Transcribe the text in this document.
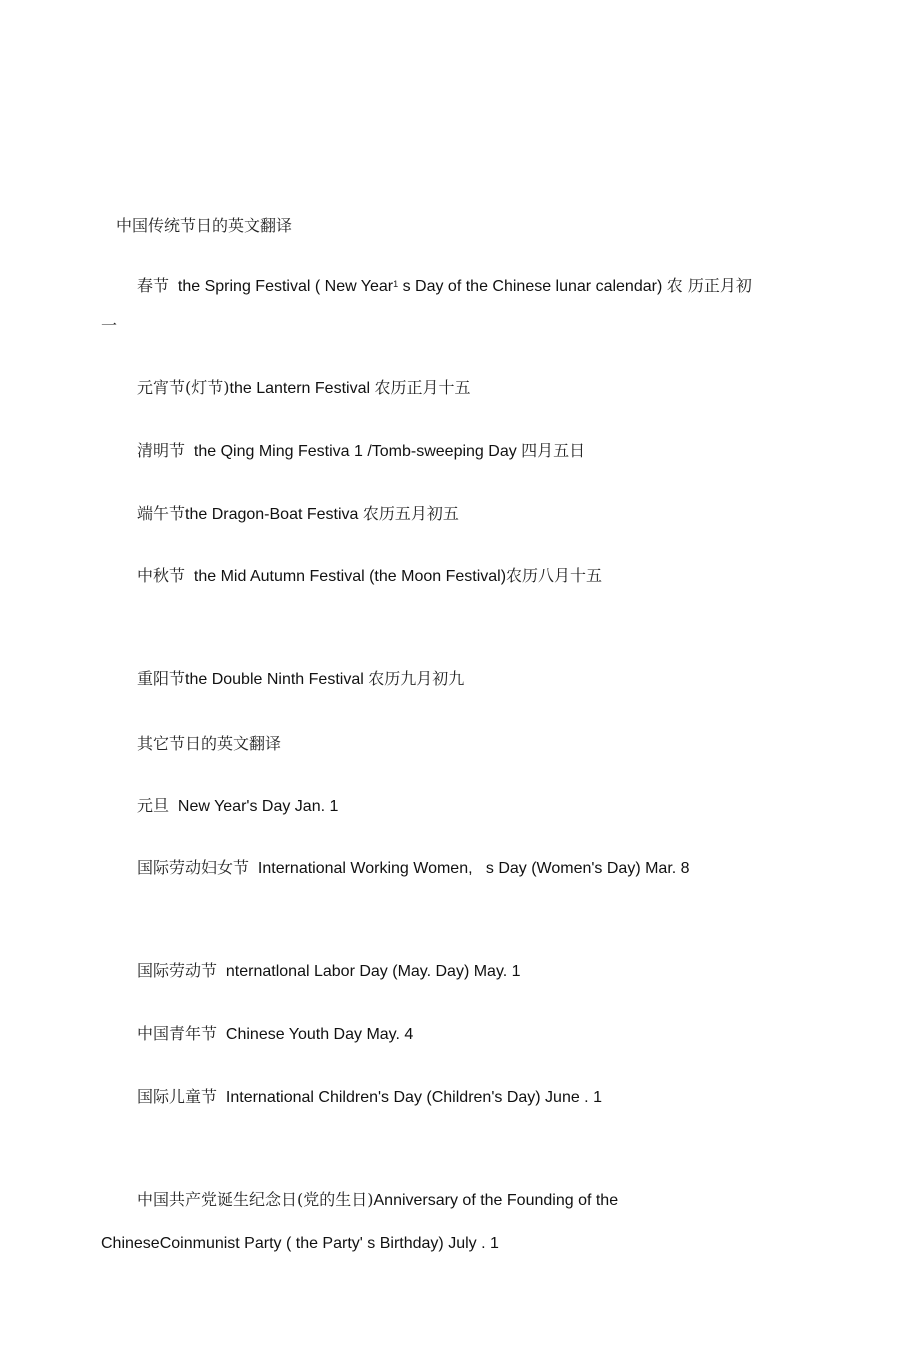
中国传统节日的英文翻译
春节 the Spring Festival ( New Year$^1$ s Day of the Chinese lunar calendar) 农 历正月初
一
元宵节(灯节)the Lantern Festival 农历正月十五
清明节 the Qing Ming Festiva 1 /Tomb-sweeping Day 四月五日
端午节the Dragon-Boat Festiva 农历五月初五
中秋节 the Mid Autumn Festival (the Moon Festival)农历八月十五
重阳节the Double Ninth Festival 农历九月初九
其它节日的英文翻译
元旦 New Year's Day Jan. 1
国际劳动妇女节 International Working Women,   s Day (Women's Day) Mar. 8
国际劳动节 nternatlonal Labor Day (May. Day) May. 1
中国青年节 Chinese Youth Day May. 4
国际儿童节 International Children's Day (Children's Day) June . 1
中国共产党诞生纪念日(党的生日)Anniversary of the Founding of the
ChineseCoinmunist Party ( the Party' s Birthday) July . 1
